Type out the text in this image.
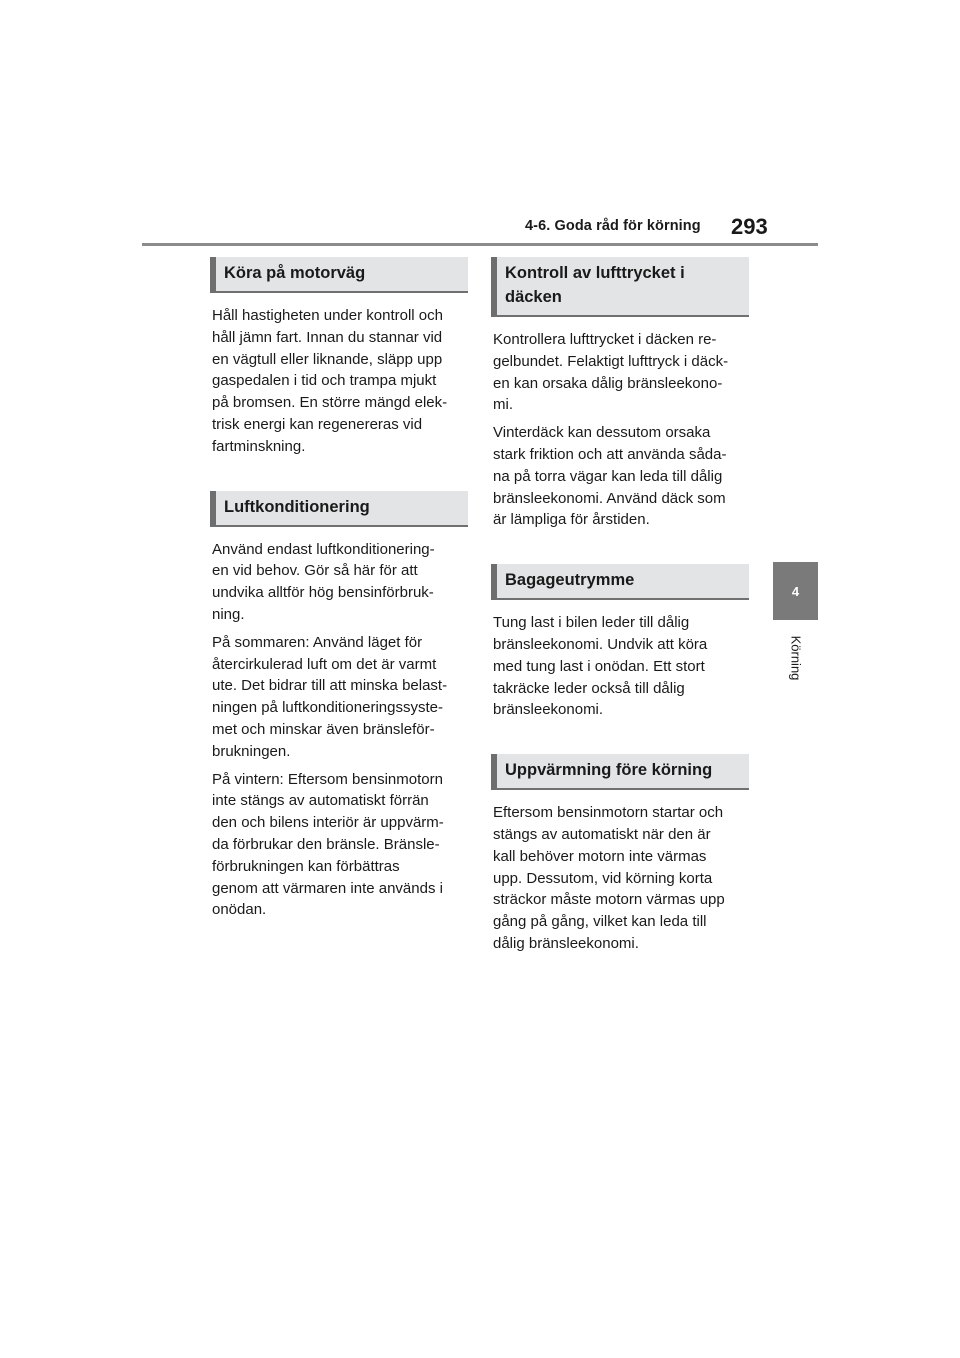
4-6. Goda råd för körning 293
4
Körning
Köra på motorväg

Håll hastigheten under kontroll och
håll jämn fart. Innan du stannar vid
en vägtull eller liknande, släpp upp
gaspedalen i tid och trampa mjukt
på bromsen. En större mängd elek-
trisk energi kan regenereras vid
fartminskning.

Luftkonditionering

Använd endast luftkonditionering-
en vid behov. Gör så här för att
undvika alltför hög bensinförbruk-
ning.

På sommaren: Använd läget för
återcirkulerad luft om det är varmt
ute. Det bidrar till att minska belast-
ningen på luftkonditioneringssyste-
met och minskar även bränsleför-
brukningen.

På vintern: Eftersom bensinmotorn
inte stängs av automatiskt förrän
den och bilens interiör är uppvärm-
da förbrukar den bränsle. Bränsle-
förbrukningen kan förbättras
genom att värmaren inte används i
onödan.

Kontroll av lufttrycket i
däcken

Kontrollera lufttrycket i däcken re-
gelbundet. Felaktigt lufttryck i däck-
en kan orsaka dålig bränsleekono-
mi.

Vinterdäck kan dessutom orsaka
stark friktion och att använda såda-
na på torra vägar kan leda till dålig
bränsleekonomi. Använd däck som
är lämpliga för årstiden.

Bagageutrymme

Tung last i bilen leder till dålig
bränsleekonomi. Undvik att köra
med tung last i onödan. Ett stort
takräcke leder också till dålig
bränsleekonomi.

Uppvärmning före körning

Eftersom bensinmotorn startar och
stängs av automatiskt när den är
kall behöver motorn inte värmas
upp. Dessutom, vid körning korta
sträckor måste motorn värmas upp
gång på gång, vilket kan leda till
dålig bränsleekonomi.
